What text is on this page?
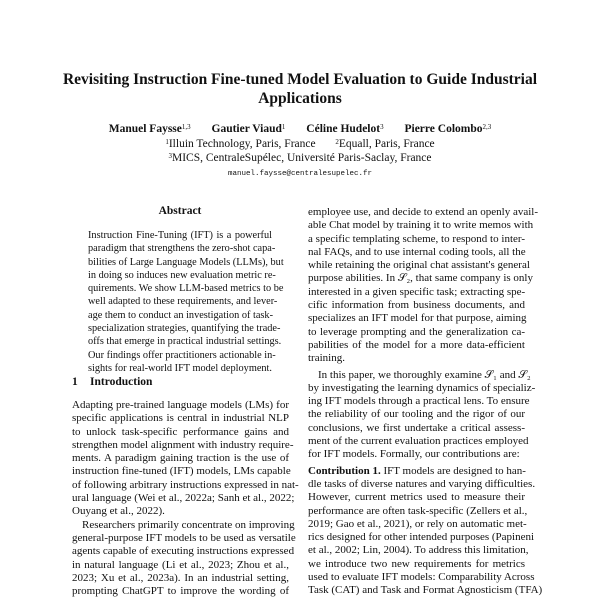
Revisiting Instruction Fine-tuned Model Evaluation to Guide Industrial
Applications
Manuel Faysse$^{1,3}$ Gautier Viaud$^1$ Céline Hudelot$^3$ Pierre Colombo$^{2,3}$
$^1$Illuin Technology, Paris, France	$^2$Equall, Paris, France
$^3$MICS, CentraleSupélec, Université Paris-Saclay, France
manuel.faysse@centralesupelec.fr
Abstract
Instruction Fine-Tuning (IFT) is a powerful
paradigm that strengthens the zero-shot capa-
bilities of Large Language Models (LLMs), but
in doing so induces new evaluation metric re-
quirements. We show LLM-based metrics to be
well adapted to these requirements, and lever-
age them to conduct an investigation of task-
specialization strategies, quantifying the trade-
offs that emerge in practical industrial settings.
Our findings offer practitioners actionable in-
sights for real-world IFT model deployment.
1 Introduction
Adapting pre-trained language models (LMs) for
specific applications is central in industrial NLP
to unlock task-specific performance gains and
strengthen model alignment with industry require-
ments. A paradigm gaining traction is the use of
instruction fine-tuned (IFT) models, LMs capable
of following arbitrary instructions expressed in nat-
ural language (Wei et al., 2022a; Sanh et al., 2022;
Ouyang et al., 2022).
Researchers primarily concentrate on improving
general-purpose IFT models to be used as versatile
agents capable of executing instructions expressed
in natural language (Li et al., 2023; Zhou et al.,
2023; Xu et al., 2023a). In an industrial setting,
prompting ChatGPT to improve the wording of
employee use, and decide to extend an openly avail-
able Chat model by training it to write memos with
a specific templating scheme, to respond to inter-
nal FAQs, and to use internal coding tools, all the
while retaining the original chat assistant's general
purpose abilities. In 𝒮₂, that same company is only
interested in a given specific task; extracting spe-
cific information from business documents, and
specializes an IFT model for that purpose, aiming
to leverage prompting and the generalization ca-
pabilities of the model for a more data-efficient
training.
In this paper, we thoroughly examine 𝒮₁ and 𝒮₂
by investigating the learning dynamics of specializ-
ing IFT models through a practical lens. To ensure
the reliability of our tooling and the rigor of our
conclusions, we first undertake a critical assess-
ment of the current evaluation practices employed
for IFT models. Formally, our contributions are:
Contribution 1. IFT models are designed to han-
dle tasks of diverse natures and varying difficulties.
However, current metrics used to measure their
performance are often task-specific (Zellers et al.,
2019; Gao et al., 2021), or rely on automatic met-
rics designed for other intended purposes (Papineni
et al., 2002; Lin, 2004). To address this limitation,
we introduce two new requirements for metrics
used to evaluate IFT models: Comparability Across
Task (CAT) and Task and Format Agnosticism (TFA)
